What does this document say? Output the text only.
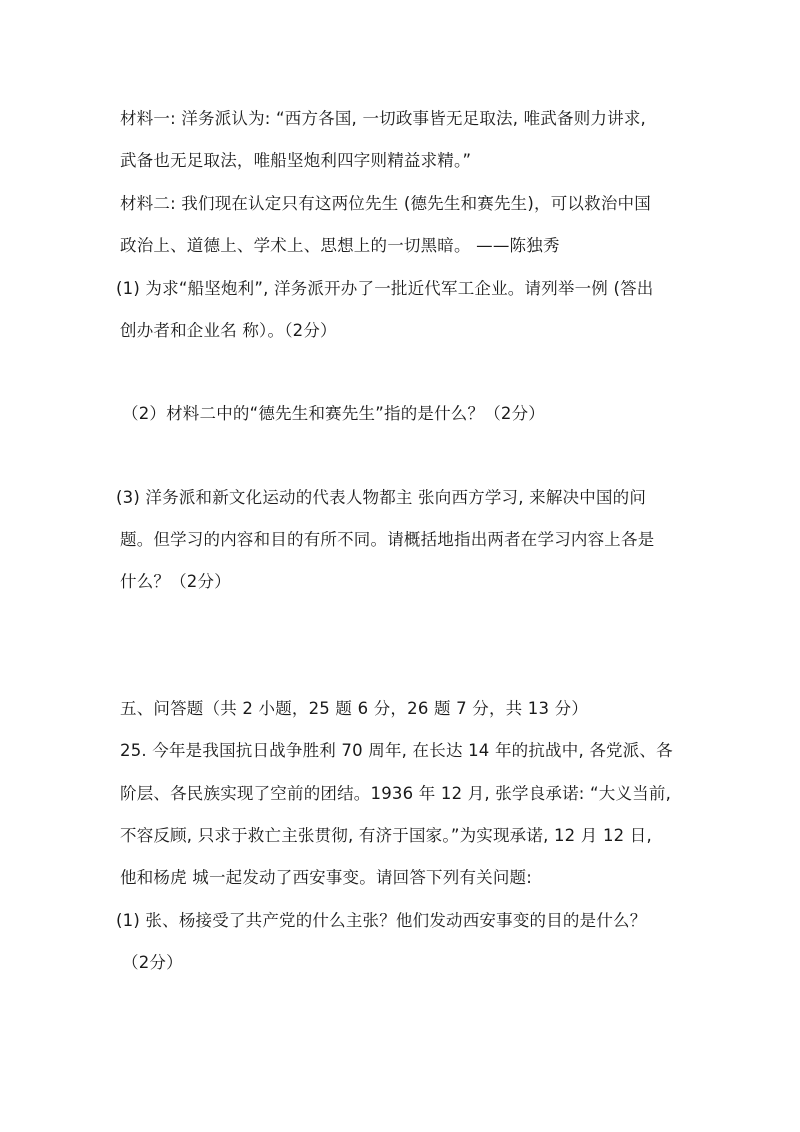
材料一: 洋务派认为: “西方各国, 一切政事皆无足取法, 唯武备则力讲求,
武备也无足取法，唯船坚炮利四字则精益求精。”
材料二: 我们现在认定只有这两位先生 (德先生和赛先生)，可以救治中国
政治上、道德上、学术上、思想上的一切黑暗。 ——陈独秀
(1) 为求“船坚炮利”, 洋务派开办了一批近代军工企业。请列举一例 (答出
创办者和企业名 称）。（2分）
（2）材料二中的“德先生和赛先生”指的是什么？（2分）
(3) 洋务派和新文化运动的代表人物都主 张向西方学习, 来解决中国的问
题。但学习的内容和目的有所不同。请概括地指出两者在学习内容上各是
什么？（2分）
五、问答题（共 2 小题，25 题 6 分，26 题 7 分，共 13 分）
25. 今年是我国抗日战争胜利 70 周年, 在长达 14 年的抗战中, 各党派、各
阶层、各民族实现了空前的团结。1936 年 12 月, 张学良承诺: “大义当前,
不容反顾, 只求于救亡主张贯彻, 有济于国家。”为实现承诺, 12 月 12 日,
他和杨虎 城一起发动了西安事变。请回答下列有关问题:
(1) 张、杨接受了共产党的什么主张？他们发动西安事变的目的是什么？
（2分）
